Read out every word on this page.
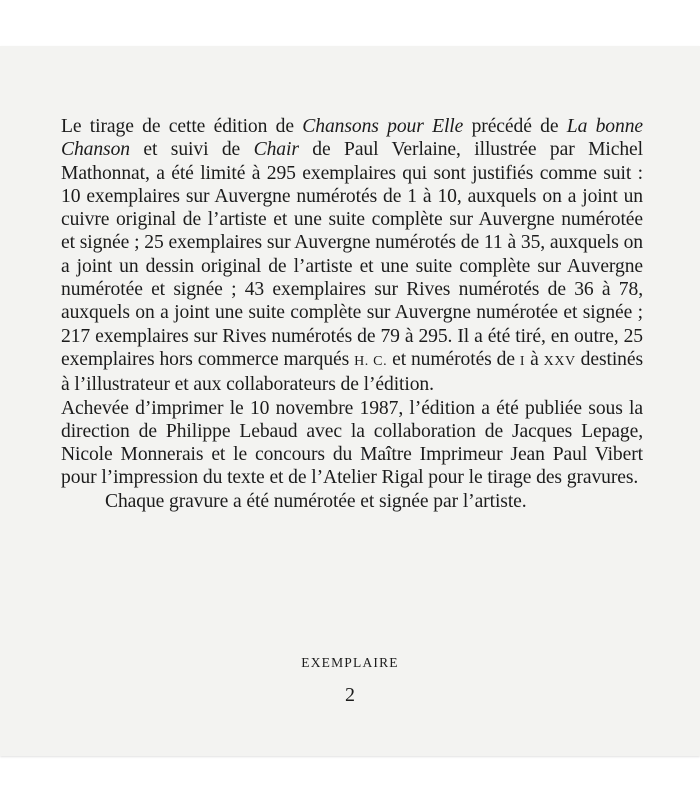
Le tirage de cette édition de Chansons pour Elle précédé de La bonne Chanson et suivi de Chair de Paul Verlaine, illustrée par Michel Mathonnat, a été limité à 295 exemplaires qui sont justifiés comme suit : 10 exemplaires sur Auvergne numérotés de 1 à 10, auxquels on a joint un cuivre original de l’artiste et une suite complète sur Auvergne numérotée et signée ; 25 exemplaires sur Auvergne numérotés de 11 à 35, auxquels on a joint un dessin original de l’artiste et une suite complète sur Auvergne numérotée et signée ; 43 exemplaires sur Rives numérotés de 36 à 78, auxquels on a joint une suite complète sur Auvergne numérotée et signée ; 217 exemplaires sur Rives numérotés de 79 à 295. Il a été tiré, en outre, 25 exemplaires hors commerce marqués H. C. et numérotés de I à XXV destinés à l’illustrateur et aux collaborateurs de l’édition.

Achevée d’imprimer le 10 novembre 1987, l’édition a été publiée sous la direction de Philippe Lebaud avec la collaboration de Jacques Lepage, Nicole Monnerais et le concours du Maître Imprimeur Jean Paul Vibert pour l’impression du texte et de l’Atelier Rigal pour le tirage des gravures.

Chaque gravure a été numérotée et signée par l’artiste.

EXEMPLAIRE
2
